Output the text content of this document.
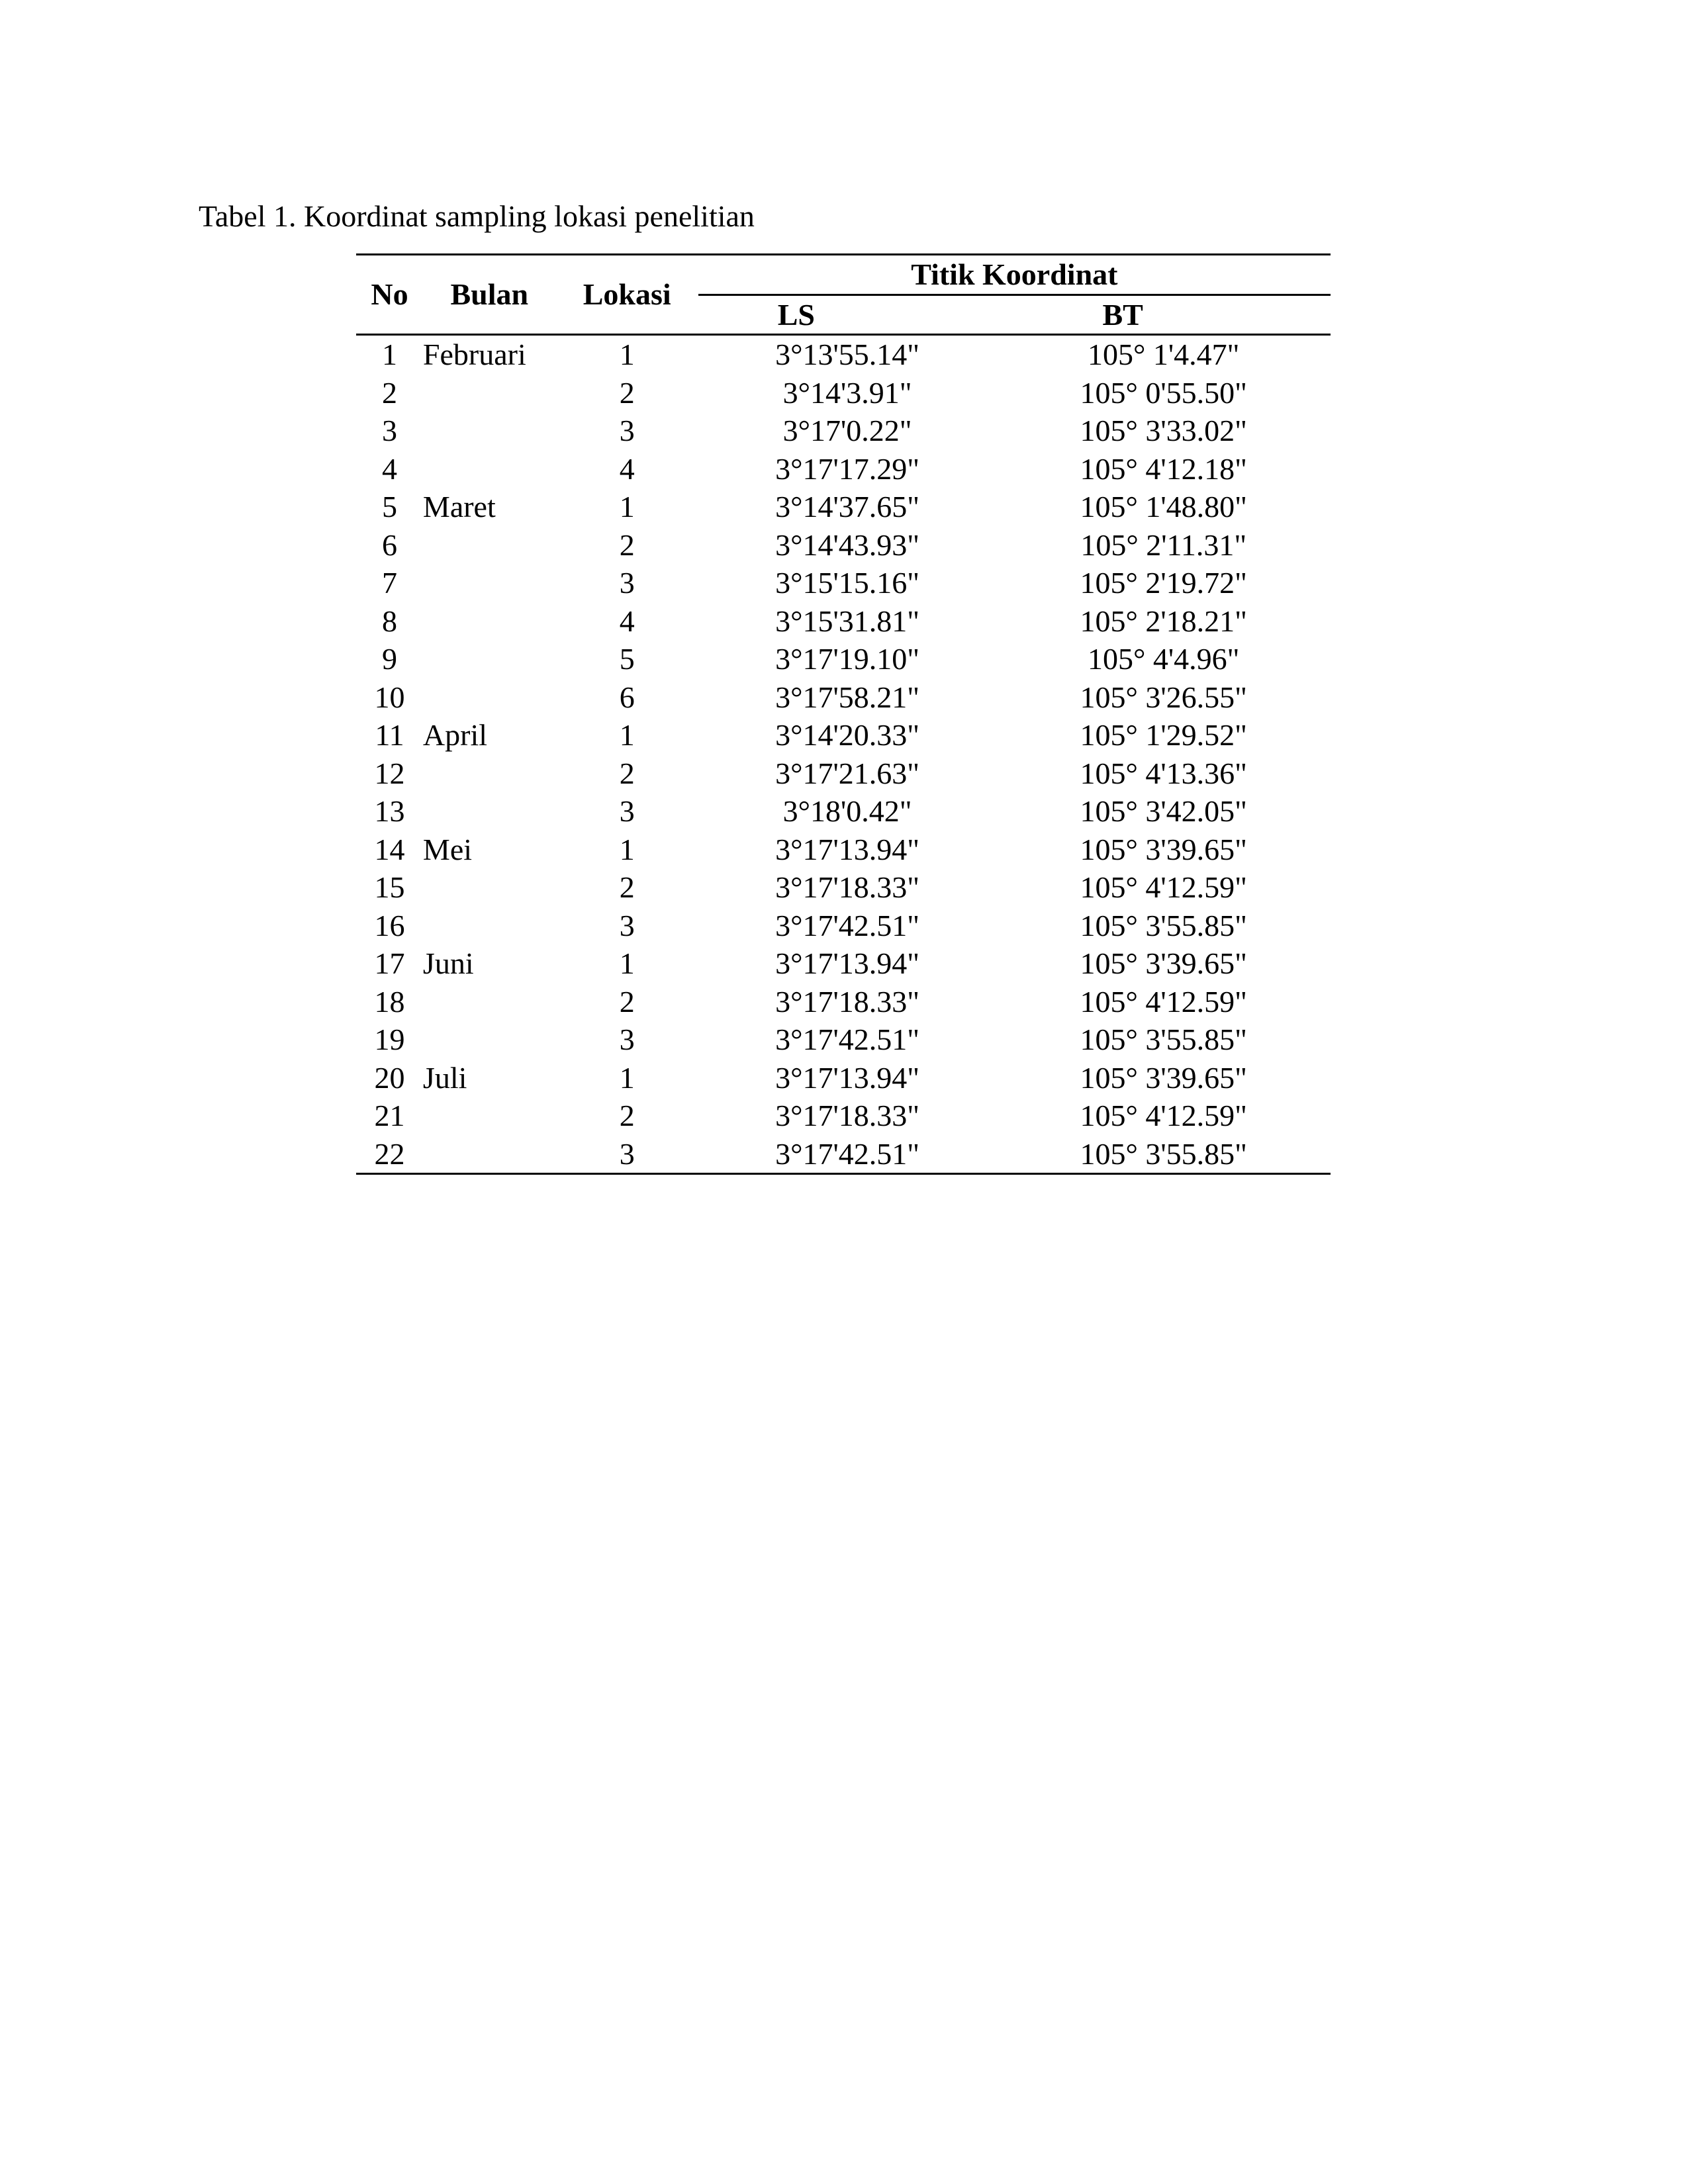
Tabel 1. Koordinat sampling lokasi penelitian
No	Bulan	Lokasi	Titik Koordinat	
			LS	BT
1	Februari	1	3°13'55.14"	105° 1'4.47"
2		2	3°14'3.91"	105° 0'55.50"
3		3	3°17'0.22"	105° 3'33.02"
4		4	3°17'17.29"	105° 4'12.18"
5	Maret	1	3°14'37.65"	105° 1'48.80"
6		2	3°14'43.93"	105° 2'11.31"
7		3	3°15'15.16"	105° 2'19.72"
8		4	3°15'31.81"	105° 2'18.21"
9		5	3°17'19.10"	105° 4'4.96"
10		6	3°17'58.21"	105° 3'26.55"
11	April	1	3°14'20.33"	105° 1'29.52"
12		2	3°17'21.63"	105° 4'13.36"
13		3	3°18'0.42"	105° 3'42.05"
14	Mei	1	3°17'13.94"	105° 3'39.65"
15		2	3°17'18.33"	105° 4'12.59"
16		3	3°17'42.51"	105° 3'55.85"
17	Juni	1	3°17'13.94"	105° 3'39.65"
18		2	3°17'18.33"	105° 4'12.59"
19		3	3°17'42.51"	105° 3'55.85"
20	Juli	1	3°17'13.94"	105° 3'39.65"
21		2	3°17'18.33"	105° 4'12.59"
22		3	3°17'42.51"	105° 3'55.85"
